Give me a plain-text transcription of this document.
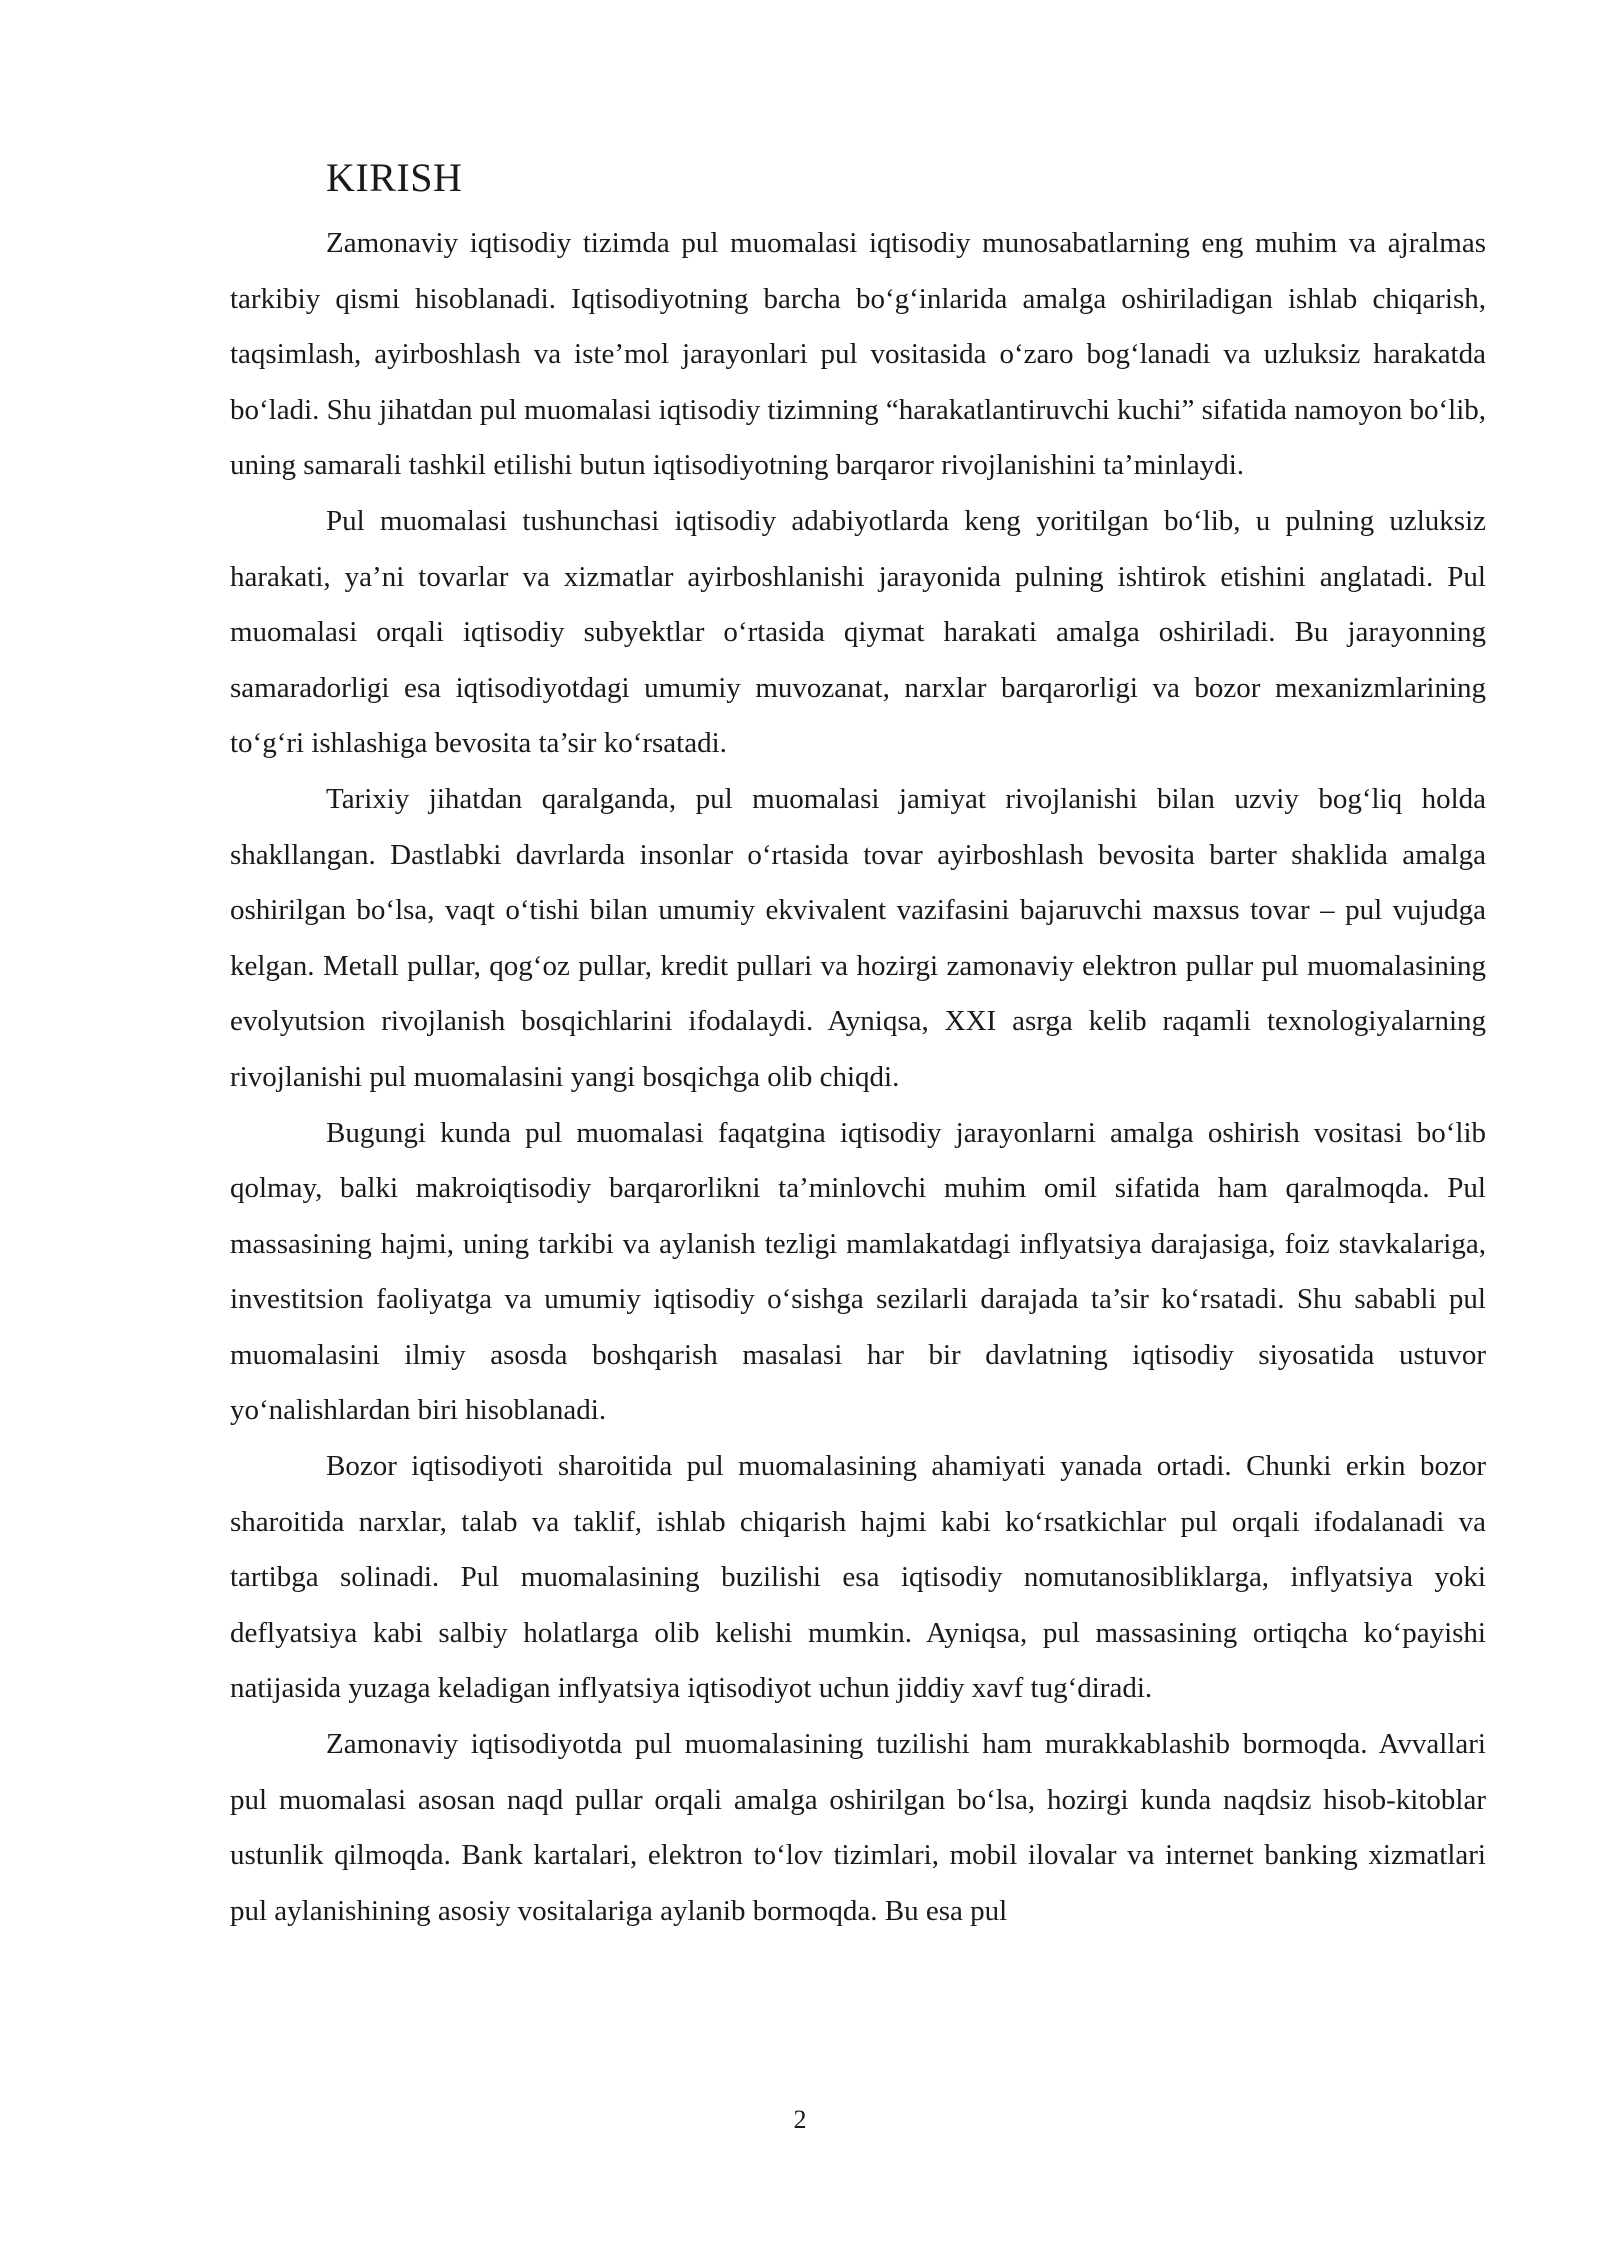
KIRISH

Zamonaviy iqtisodiy tizimda pul muomalasi iqtisodiy munosabatlarning eng muhim va ajralmas tarkibiy qismi hisoblanadi. Iqtisodiyotning barcha bo‘g‘inlarida amalga oshiriladigan ishlab chiqarish, taqsimlash, ayirboshlash va iste’mol jarayonlari pul vositasida o‘zaro bog‘lanadi va uzluksiz harakatda bo‘ladi. Shu jihatdan pul muomalasi iqtisodiy tizimning “harakatlantiruvchi kuchi” sifatida namoyon bo‘lib, uning samarali tashkil etilishi butun iqtisodiyotning barqaror rivojlanishini ta’minlaydi.

Pul muomalasi tushunchasi iqtisodiy adabiyotlarda keng yoritilgan bo‘lib, u pulning uzluksiz harakati, ya’ni tovarlar va xizmatlar ayirboshlanishi jarayonida pulning ishtirok etishini anglatadi. Pul muomalasi orqali iqtisodiy subyektlar o‘rtasida qiymat harakati amalga oshiriladi. Bu jarayonning samaradorligi esa iqtisodiyotdagi umumiy muvozanat, narxlar barqarorligi va bozor mexanizmlarining to‘g‘ri ishlashiga bevosita ta’sir ko‘rsatadi.

Tarixiy jihatdan qaralganda, pul muomalasi jamiyat rivojlanishi bilan uzviy bog‘liq holda shakllangan. Dastlabki davrlarda insonlar o‘rtasida tovar ayirboshlash bevosita barter shaklida amalga oshirilgan bo‘lsa, vaqt o‘tishi bilan umumiy ekvivalent vazifasini bajaruvchi maxsus tovar – pul vujudga kelgan. Metall pullar, qog‘oz pullar, kredit pullari va hozirgi zamonaviy elektron pullar pul muomalasining evolyutsion rivojlanish bosqichlarini ifodalaydi. Ayniqsa, XXI asrga kelib raqamli texnologiyalarning rivojlanishi pul muomalasini yangi bosqichga olib chiqdi.

Bugungi kunda pul muomalasi faqatgina iqtisodiy jarayonlarni amalga oshirish vositasi bo‘lib qolmay, balki makroiqtisodiy barqarorlikni ta’minlovchi muhim omil sifatida ham qaralmoqda. Pul massasining hajmi, uning tarkibi va aylanish tezligi mamlakatdagi inflyatsiya darajasiga, foiz stavkalariga, investitsion faoliyatga va umumiy iqtisodiy o‘sishga sezilarli darajada ta’sir ko‘rsatadi. Shu sababli pul muomalasini ilmiy asosda boshqarish masalasi har bir davlatning iqtisodiy siyosatida ustuvor yo‘nalishlardan biri hisoblanadi.

Bozor iqtisodiyoti sharoitida pul muomalasining ahamiyati yanada ortadi. Chunki erkin bozor sharoitida narxlar, talab va taklif, ishlab chiqarish hajmi kabi ko‘rsatkichlar pul orqali ifodalanadi va tartibga solinadi. Pul muomalasining buzilishi esa iqtisodiy nomutanosibliklarga, inflyatsiya yoki deflyatsiya kabi salbiy holatlarga olib kelishi mumkin. Ayniqsa, pul massasining ortiqcha ko‘payishi natijasida yuzaga keladigan inflyatsiya iqtisodiyot uchun jiddiy xavf tug‘diradi.

Zamonaviy iqtisodiyotda pul muomalasining tuzilishi ham murakkablashib bormoqda. Avvallari pul muomalasi asosan naqd pullar orqali amalga oshirilgan bo‘lsa, hozirgi kunda naqdsiz hisob-kitoblar ustunlik qilmoqda. Bank kartalari, elektron to‘lov tizimlari, mobil ilovalar va internet banking xizmatlari pul aylanishining asosiy vositalariga aylanib bormoqda. Bu esa pul

2
